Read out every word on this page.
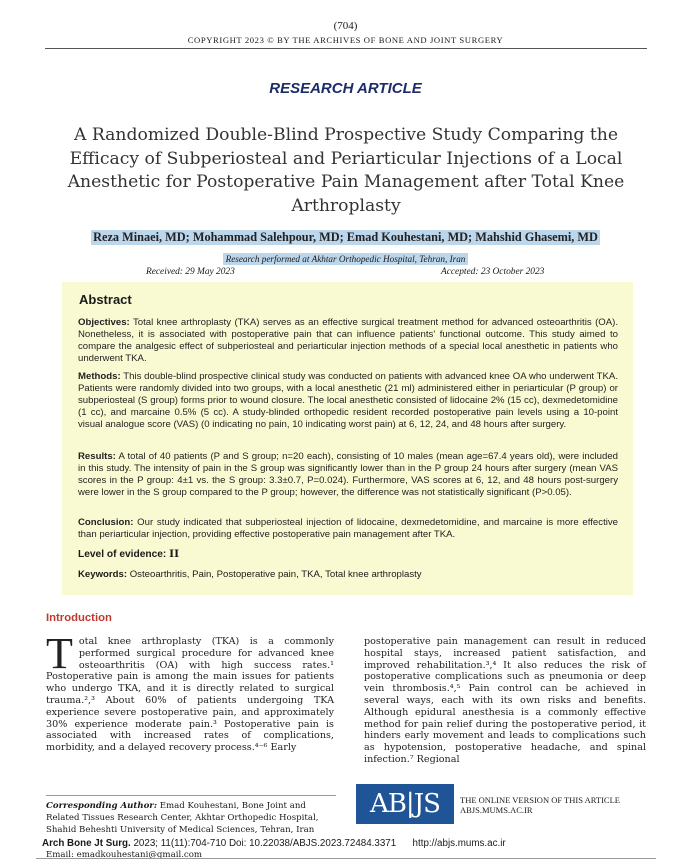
(704)
COPYRIGHT 2023 © BY THE ARCHIVES OF BONE AND JOINT SURGERY
RESEARCH ARTICLE
A Randomized Double-Blind Prospective Study Comparing the Efficacy of Subperiosteal and Periarticular Injections of a Local Anesthetic for Postoperative Pain Management after Total Knee Arthroplasty
Reza Minaei, MD; Mohammad Salehpour, MD; Emad Kouhestani, MD; Mahshid Ghasemi, MD
Research performed at Akhtar Orthopedic Hospital, Tehran, Iran
Received: 29 May 2023	Accepted: 23 October 2023
Abstract
Objectives: Total knee arthroplasty (TKA) serves as an effective surgical treatment method for advanced osteoarthritis (OA). Nonetheless, it is associated with postoperative pain that can influence patients' functional outcome. This study aimed to compare the analgesic effect of subperiosteal and periarticular injection methods of a special local anesthetic in patients who underwent TKA.
Methods: This double-blind prospective clinical study was conducted on patients with advanced knee OA who underwent TKA. Patients were randomly divided into two groups, with a local anesthetic (21 ml) administered either in periarticular (P group) or subperiosteal (S group) forms prior to wound closure. The local anesthetic consisted of lidocaine 2% (15 cc), dexmedetomidine (1 cc), and marcaine 0.5% (5 cc). A study-blinded orthopedic resident recorded postoperative pain levels using a 10-point visual analogue score (VAS) (0 indicating no pain, 10 indicating worst pain) at 6, 12, 24, and 48 hours after surgery.
Results: A total of 40 patients (P and S group; n=20 each), consisting of 10 males (mean age=67.4 years old), were included in this study. The intensity of pain in the S group was significantly lower than in the P group 24 hours after surgery (mean VAS scores in the P group: 4±1 vs. the S group: 3.3±0.7, P=0.024). Furthermore, VAS scores at 6, 12, and 48 hours post-surgery were lower in the S group compared to the P group; however, the difference was not statistically significant (P>0.05).
Conclusion: Our study indicated that subperiosteal injection of lidocaine, dexmedetomidine, and marcaine is more effective than periarticular injection, providing effective postoperative pain management after TKA.
Level of evidence: II
Keywords: Osteoarthritis, Pain, Postoperative pain, TKA, Total knee arthroplasty
Introduction
T otal knee arthroplasty (TKA) is a commonly performed surgical procedure for advanced knee osteoarthritis (OA) with high success rates.¹ Postoperative pain is among the main issues for patients who undergo TKA, and it is directly related to surgical trauma.²,³ About 60% of patients undergoing TKA experience severe postoperative pain, and approximately 30% experience moderate pain.³ Postoperative pain is associated with increased rates of complications, morbidity, and a delayed recovery process.⁴⁻⁶ Early
postoperative pain management can result in reduced hospital stays, increased patient satisfaction, and improved rehabilitation.³,⁴ It also reduces the risk of postoperative complications such as pneumonia or deep vein thrombosis.⁴,⁵ Pain control can be achieved in several ways, each with its own risks and benefits. Although epidural anesthesia is a commonly effective method for pain relief during the postoperative period, it hinders early movement and leads to complications such as hypotension, postoperative headache, and spinal infection.⁷ Regional
Corresponding Author: Emad Kouhestani, Bone Joint and Related Tissues Research Center, Akhtar Orthopedic Hospital, Shahid Beheshti University of Medical Sciences, Tehran, Iran
Email: emadkouhestani@gmail.com
AB|JS	THE ONLINE VERSION OF THIS ARTICLE
ABJS.MUMS.AC.IR
Arch Bone Jt Surg. 2023; 11(11):704-710 Doi: 10.22038/ABJS.2023.72484.3371 http://abjs.mums.ac.ir
